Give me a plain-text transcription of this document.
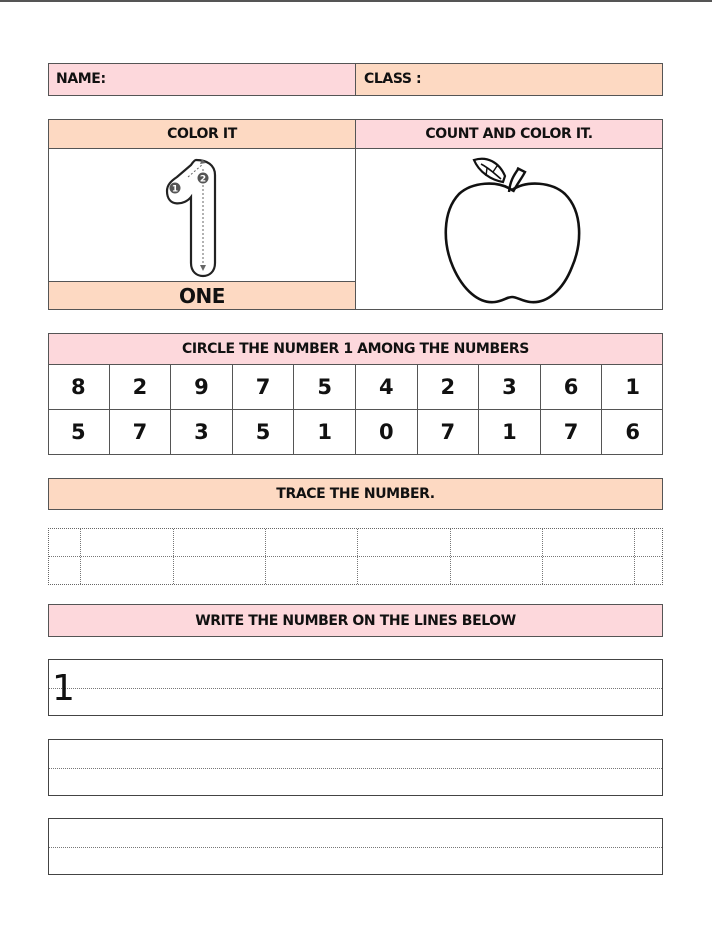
NAME:	CLASS :
COLOR IT	COUNT AND COLOR IT.
1
2
ONE
CIRCLE THE NUMBER 1 AMONG THE NUMBERS
8 2 9 7 5 4 2 3 6 1
5 7 3 5 1 0 7 1 7 6
TRACE THE NUMBER.
WRITE THE NUMBER ON THE LINES BELOW
1
